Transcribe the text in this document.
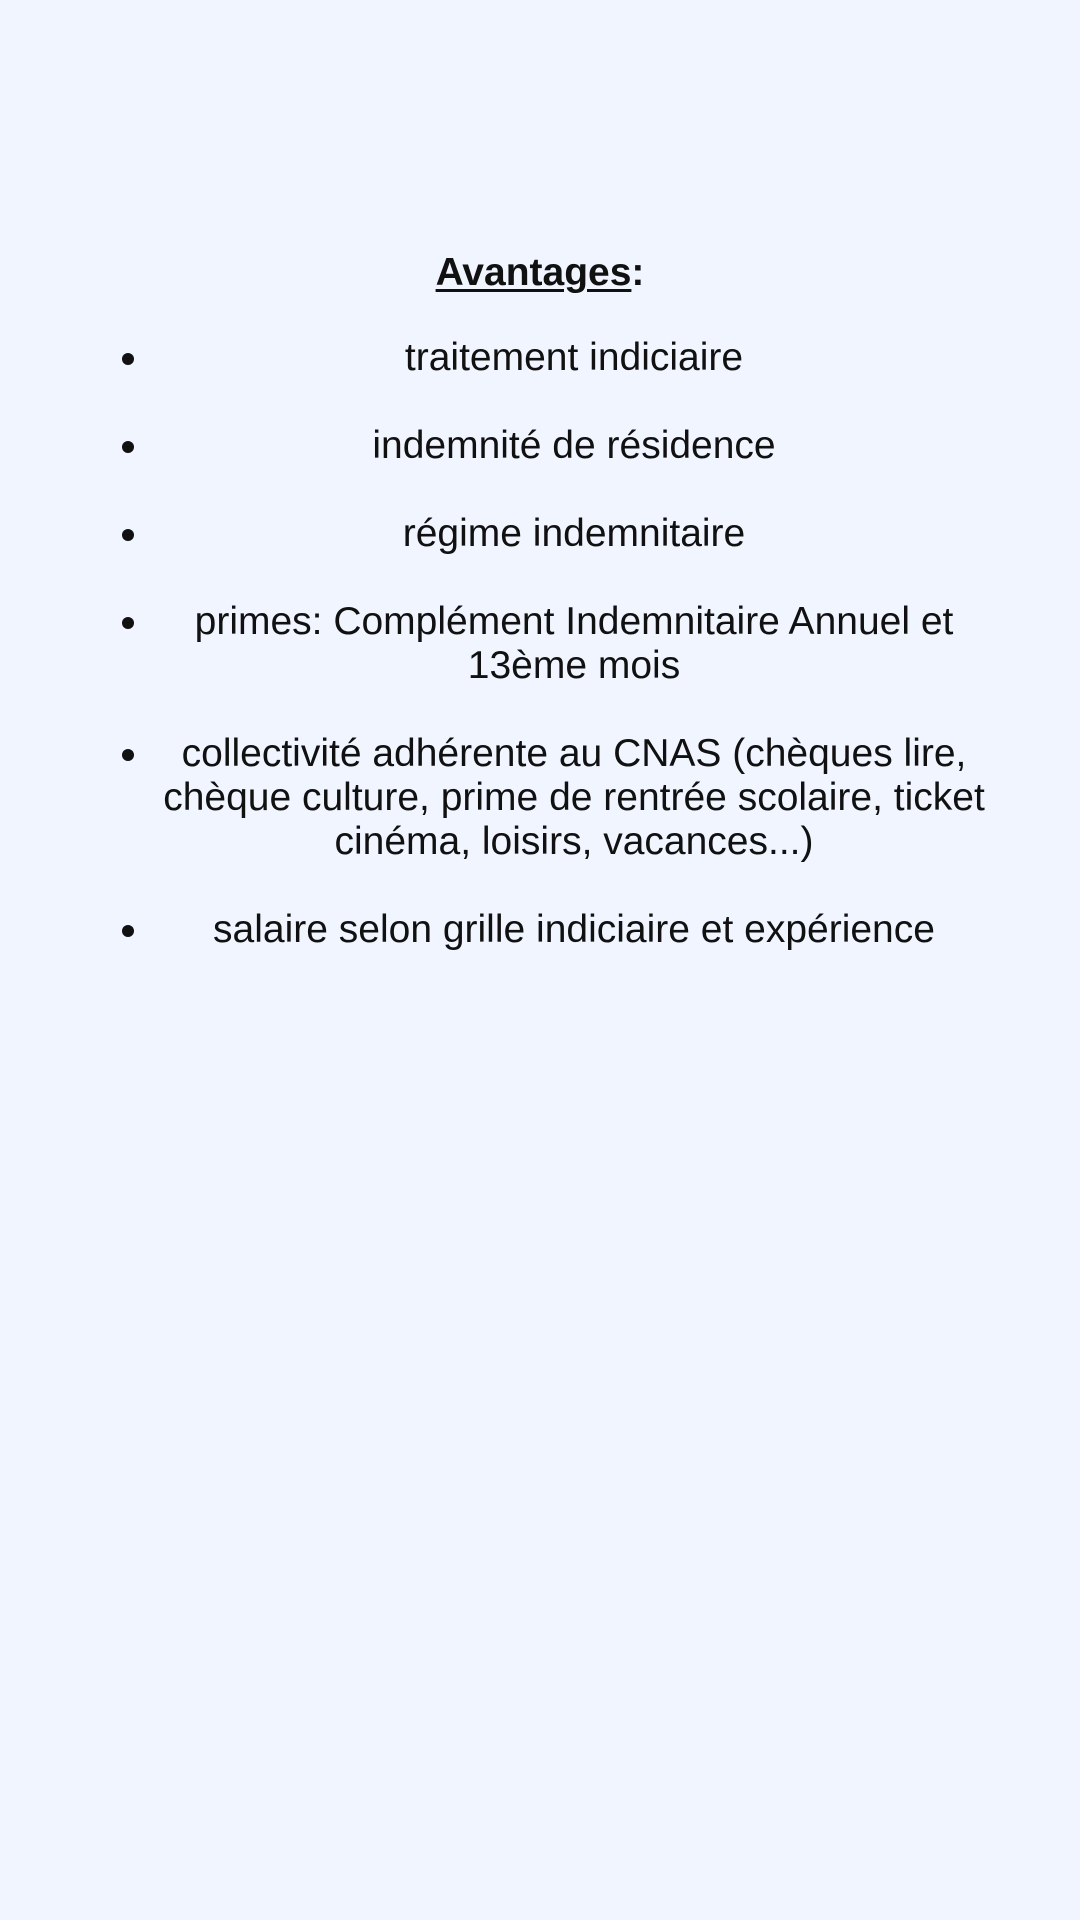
Avantages:
traitement indiciaire
indemnité de résidence
régime indemnitaire
primes: Complément Indemnitaire Annuel et 13ème mois
collectivité adhérente au CNAS (chèques lire, chèque culture, prime de rentrée scolaire, ticket cinéma, loisirs, vacances...)
salaire selon grille indiciaire et expérience
